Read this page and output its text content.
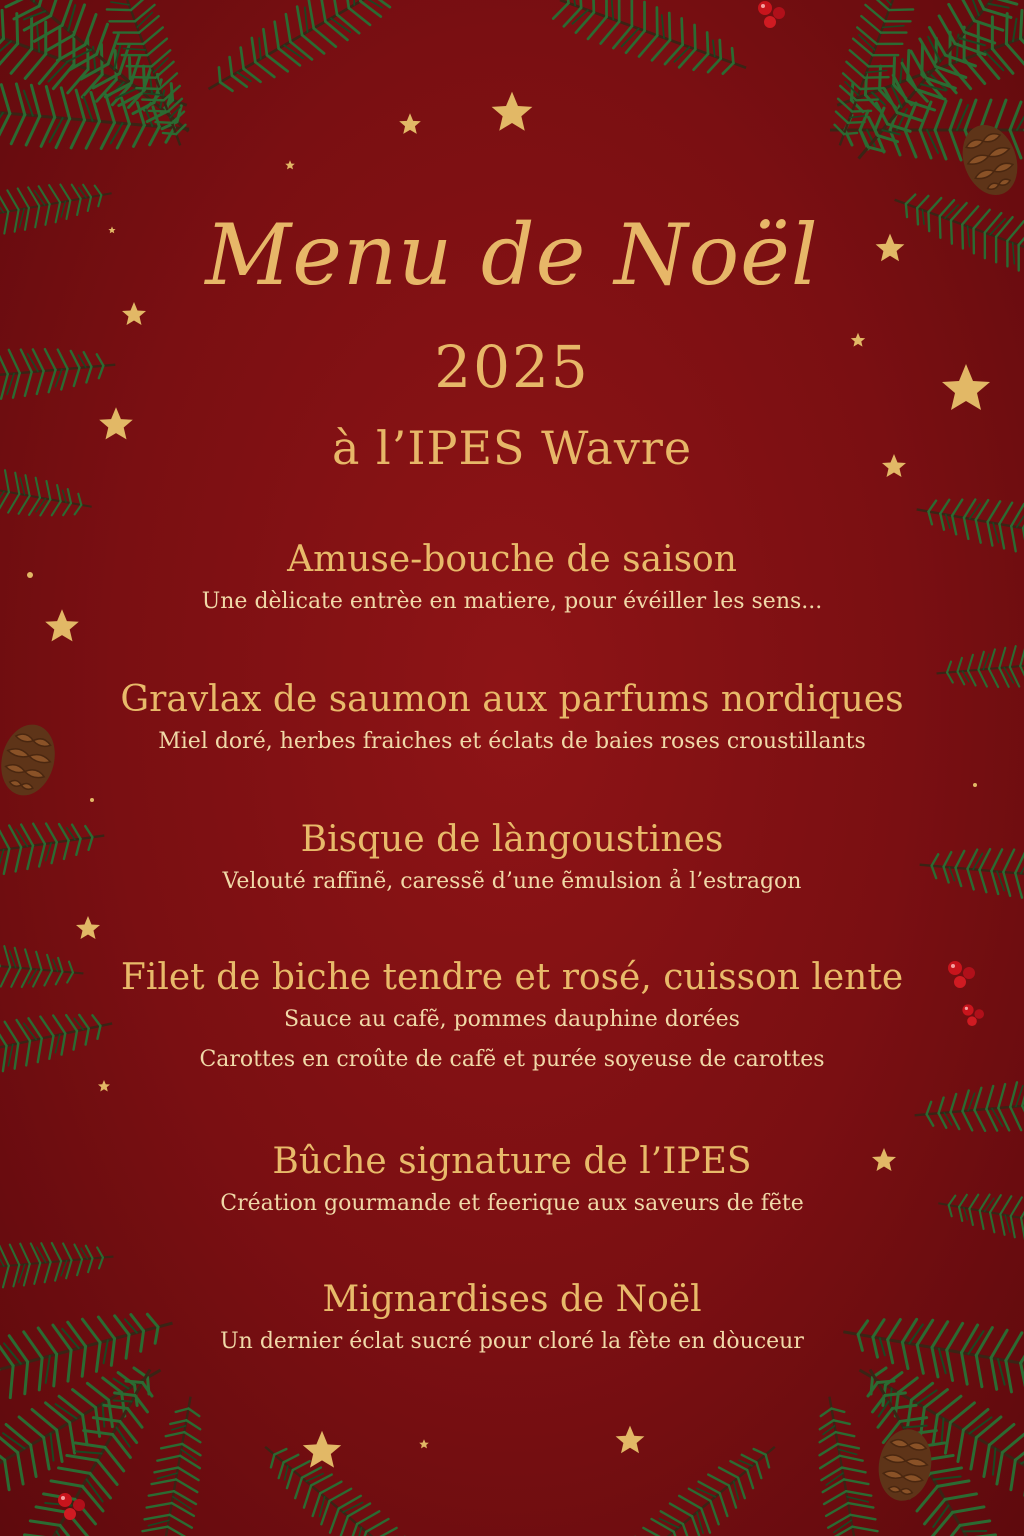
Menu de Noël
2025
à l’IPES Wavre
Amuse-bouche de saison

Une dèlicate entrèe en matiere, pour évéiller les sens...

Gravlax de saumon aux parfums nordiques

Miel doré, herbes fraiches et éclats de baies roses croustillants

Bisque de làngoustines

Velouté raffinẽ, caressẽ d’une ẽmulsion ả l’estragon

Filet de biche tendre et rosé, cuisson lente

Sauce au cafẽ, pommes dauphine dorées

Carottes en croûte de cafẽ et purée soyeuse de carottes

Bûche signature de l’IPES

Création gourmande et feerique aux saveurs de fẽte

Mignardises de Noël

Un dernier éclat sucré pour cloré la fète en dòuceur
